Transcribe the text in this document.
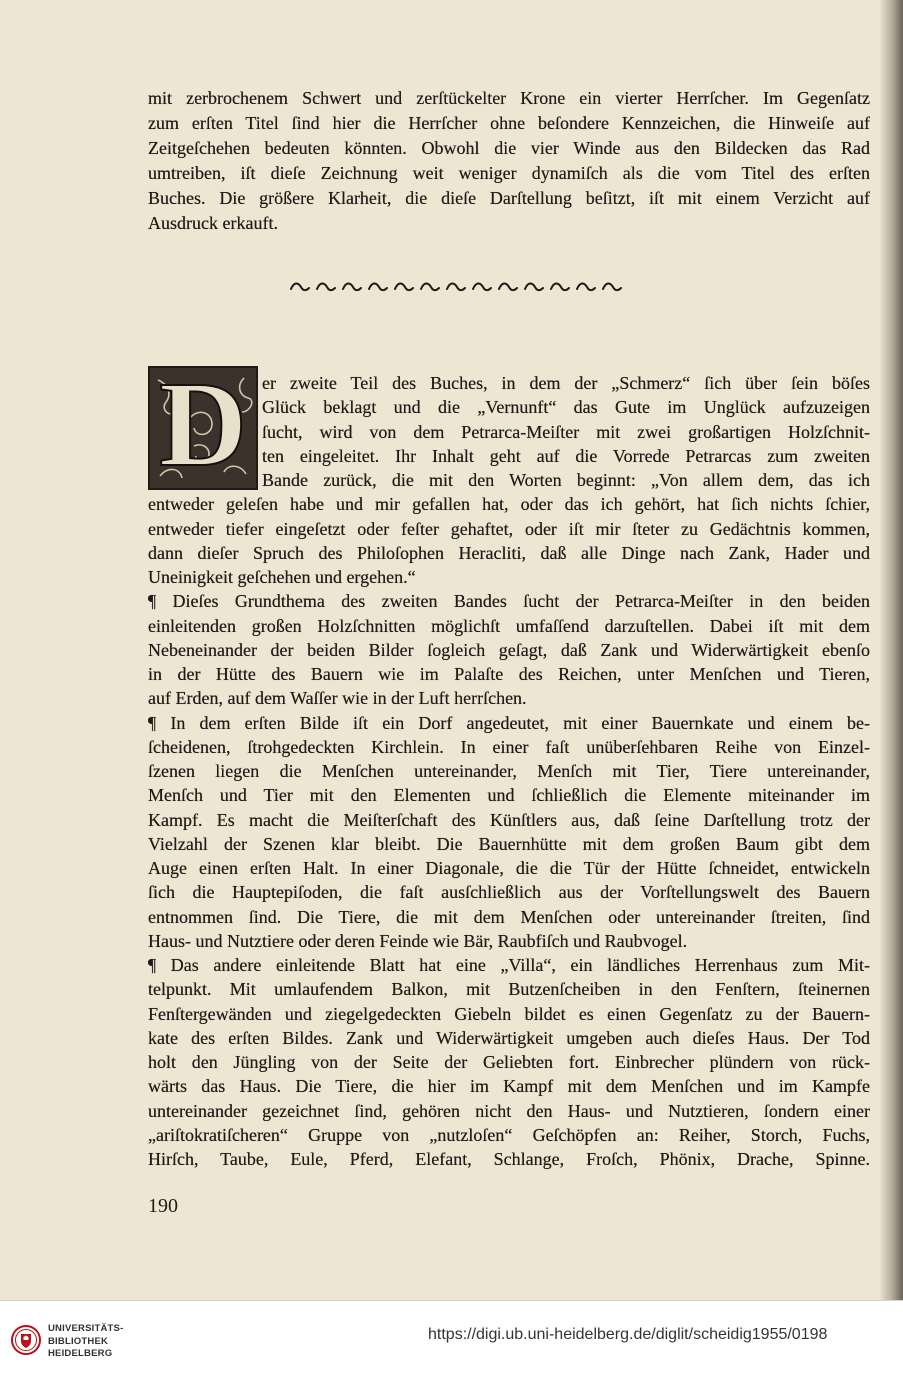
mit zerbrochenem Schwert und zerſtückelter Krone ein vierter Herrſcher. Im Gegenſatz
zum erſten Titel ſind hier die Herrſcher ohne beſondere Kennzeichen, die Hinweiſe auf
Zeitgeſchehen bedeuten könnten. Obwohl die vier Winde aus den Bildecken das Rad
umtreiben, iſt dieſe Zeichnung weit weniger dynamiſch als die vom Titel des erſten
Buches. Die größere Klarheit, die dieſe Darſtellung beſitzt, iſt mit einem Verzicht auf
Ausdruck erkauft.
D er zweite Teil des Buches, in dem der „Schmerz“ ſich über ſein böſes
Glück beklagt und die „Vernunft“ das Gute im Unglück aufzuzeigen
ſucht, wird von dem Petrarca-Meiſter mit zwei großartigen Holzſchnit-
ten eingeleitet. Ihr Inhalt geht auf die Vorrede Petrarcas zum zweiten
Bande zurück, die mit den Worten beginnt: „Von allem dem, das ich
entweder geleſen habe und mir gefallen hat, oder das ich gehört, hat ſich nichts ſchier,
entweder tiefer eingeſetzt oder feſter gehaftet, oder iſt mir ſteter zu Gedächtnis kommen,
dann dieſer Spruch des Philoſophen Heracliti, daß alle Dinge nach Zank, Hader und
Uneinigkeit geſchehen und ergehen.“
¶ Dieſes Grundthema des zweiten Bandes ſucht der Petrarca-Meiſter in den beiden
einleitenden großen Holzſchnitten möglichſt umfaſſend darzuſtellen. Dabei iſt mit dem
Nebeneinander der beiden Bilder ſogleich geſagt, daß Zank und Widerwärtigkeit ebenſo
in der Hütte des Bauern wie im Palaſte des Reichen, unter Menſchen und Tieren,
auf Erden, auf dem Waſſer wie in der Luft herrſchen.
¶ In dem erſten Bilde iſt ein Dorf angedeutet, mit einer Bauernkate und einem be-
ſcheidenen, ſtrohgedeckten Kirchlein. In einer faſt unüberſehbaren Reihe von Einzel-
ſzenen liegen die Menſchen untereinander, Menſch mit Tier, Tiere untereinander,
Menſch und Tier mit den Elementen und ſchließlich die Elemente miteinander im
Kampf. Es macht die Meiſterſchaft des Künſtlers aus, daß ſeine Darſtellung trotz der
Vielzahl der Szenen klar bleibt. Die Bauernhütte mit dem großen Baum gibt dem
Auge einen erſten Halt. In einer Diagonale, die die Tür der Hütte ſchneidet, entwickeln
ſich die Hauptepiſoden, die faſt ausſchließlich aus der Vorſtellungswelt des Bauern
entnommen ſind. Die Tiere, die mit dem Menſchen oder untereinander ſtreiten, ſind
Haus- und Nutztiere oder deren Feinde wie Bär, Raubfiſch und Raubvogel.
¶ Das andere einleitende Blatt hat eine „Villa“, ein ländliches Herrenhaus zum Mit-
telpunkt. Mit umlaufendem Balkon, mit Butzenſcheiben in den Fenſtern, ſteinernen
Fenſtergewänden und ziegelgedeckten Giebeln bildet es einen Gegenſatz zu der Bauern-
kate des erſten Bildes. Zank und Widerwärtigkeit umgeben auch dieſes Haus. Der Tod
holt den Jüngling von der Seite der Geliebten fort. Einbrecher plündern von rück-
wärts das Haus. Die Tiere, die hier im Kampf mit dem Menſchen und im Kampfe
untereinander gezeichnet ſind, gehören nicht den Haus- und Nutztieren, ſondern einer
„ariſtokratiſcheren“ Gruppe von „nutzloſen“ Geſchöpfen an: Reiher, Storch, Fuchs,
Hirſch, Taube, Eule, Pferd, Elefant, Schlange, Froſch, Phönix, Drache, Spinne.
190
UNIVERSITÄTS-
BIBLIOTHEK
HEIDELBERG
https://digi.ub.uni-heidelberg.de/diglit/scheidig1955/0198
